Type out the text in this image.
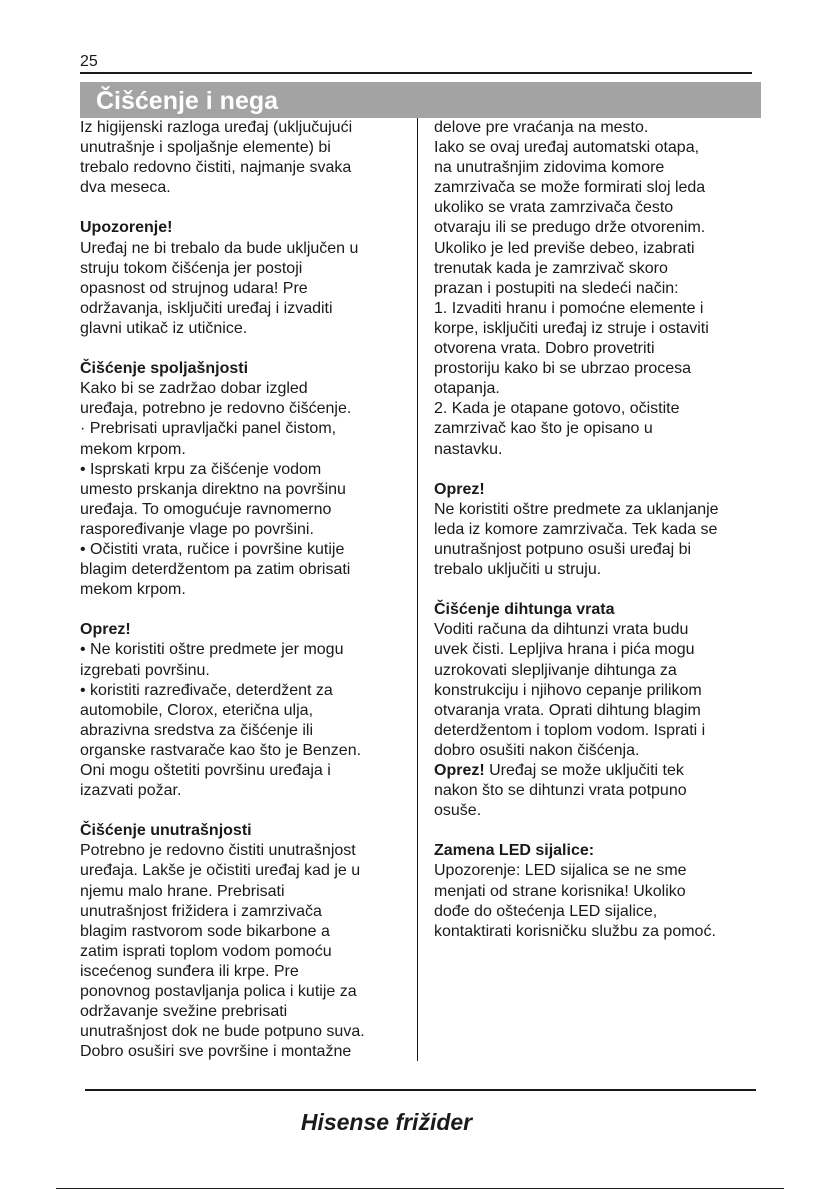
25
Čišćenje i nega

Iz higijenski razloga uređaj (uključujući

unutrašnje i spoljašnje elemente) bi

trebalo redovno čistiti, najmanje svaka

dva meseca.

Upozorenje!

Uređaj ne bi trebalo da bude uključen u

struju tokom čišćenja jer postoji

opasnost od strujnog udara! Pre

održavanja, isključiti uređaj i izvaditi

glavni utikač iz utičnice.

Čišćenje spoljašnjosti

Kako bi se zadržao dobar izgled

uređaja, potrebno je redovno čišćenje.

· Prebrisati upravljački panel čistom,

mekom krpom.

• Isprskati krpu za čišćenje vodom

umesto prskanja direktno na površinu

uređaja. To omogućuje ravnomerno

raspoređivanje vlage po površini.

• Očistiti vrata, ručice i površine kutije

blagim deterdžentom pa zatim obrisati

mekom krpom.

Oprez!

• Ne koristiti oštre predmete jer mogu

izgrebati površinu.

• koristiti razređivače, deterdžent za

automobile, Clorox, eterična ulja,

abrazivna sredstva za čišćenje ili

organske rastvarače kao što je Benzen.

Oni mogu oštetiti površinu uređaja i

izazvati požar.

Čišćenje unutrašnjosti

Potrebno je redovno čistiti unutrašnjost

uređaja. Lakše je očistiti uređaj kad je u

njemu malo hrane. Prebrisati

unutrašnjost frižidera i zamrzivača

blagim rastvorom sode bikarbone a

zatim isprati toplom vodom pomoću

iscećenog sunđera ili krpe. Pre

ponovnog postavljanja polica i kutije za

održavanje svežine prebrisati

unutrašnjost dok ne bude potpuno suva.

Dobro osuširi sve površine i montažne

delove pre vraćanja na mesto.

Iako se ovaj uređaj automatski otapa,

na unutrašnjim zidovima komore

zamrzivača se može formirati sloj leda

ukoliko se vrata zamrzivača često

otvaraju ili se predugo drže otvorenim.

Ukoliko je led previše debeo, izabrati

trenutak kada je zamrzivač skoro

prazan i postupiti na sledeći način:

1. Izvaditi hranu i pomoćne elemente i

korpe, isključiti uređaj iz struje i ostaviti

otvorena vrata. Dobro provetriti

prostoriju kako bi se ubrzao procesa

otapanja.

2. Kada je otapane gotovo, očistite

zamrzivač kao što je opisano u

nastavku.

Oprez!

Ne koristiti oštre predmete za uklanjanje

leda iz komore zamrzivača. Tek kada se

unutrašnjost potpuno osuši uređaj bi

trebalo uključiti u struju.

Čišćenje dihtunga vrata

Voditi računa da dihtunzi vrata budu

uvek čisti. Lepljiva hrana i pića mogu

uzrokovati slepljivanje dihtunga za

konstrukciju i njihovo cepanje prilikom

otvaranja vrata. Oprati dihtung blagim

deterdžentom i toplom vodom. Isprati i

dobro osušiti nakon čišćenja.

Oprez! Uređaj se može uključiti tek

nakon što se dihtunzi vrata potpuno

osuše.

Zamena LED sijalice:

Upozorenje: LED sijalica se ne sme

menjati od strane korisnika! Ukoliko

dođe do oštećenja LED sijalice,

kontaktirati korisničku službu za pomoć.

Hisense frižider
